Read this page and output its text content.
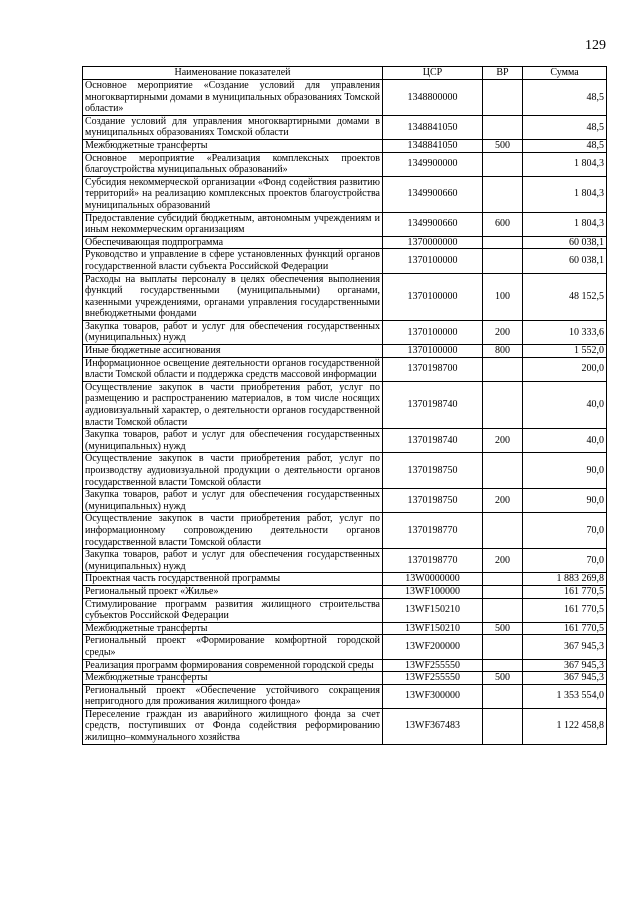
129
Наименование показателей	ЦСР	ВР	Сумма
Основное мероприятие «Создание условий для управления многоквартирными домами в муниципальных образованиях Томской области»	1348800000		48,5
Создание условий для управления многоквартирными домами в муниципальных образованиях Томской области	1348841050		48,5
Межбюджетные трансферты	1348841050	500	48,5
Основное мероприятие «Реализация комплексных проектов благоустройства муниципальных образований»	1349900000		1 804,3
Субсидия некоммерческой организации «Фонд содействия развитию территорий» на реализацию комплексных проектов благоустройства муниципальных образований	1349900660		1 804,3
Предоставление субсидий бюджетным, автономным учреждениям и иным некоммерческим организациям	1349900660	600	1 804,3
Обеспечивающая подпрограмма	1370000000		60 038,1
Руководство и управление в сфере установленных функций органов государственной власти субъекта Российской Федерации	1370100000		60 038,1
Расходы на выплаты персоналу в целях обеспечения выполнения функций государственными (муниципальными) органами, казенными учреждениями, органами управления государственными внебюджетными фондами	1370100000	100	48 152,5
Закупка товаров, работ и услуг для обеспечения государственных (муниципальных) нужд	1370100000	200	10 333,6
Иные бюджетные ассигнования	1370100000	800	1 552,0
Информационное освещение деятельности органов государственной власти Томской области и поддержка средств массовой информации	1370198700		200,0
Осуществление закупок в части приобретения работ, услуг по размещению и распространению материалов, в том числе носящих аудиовизуальный характер, о деятельности органов государственной власти Томской области	1370198740		40,0
Закупка товаров, работ и услуг для обеспечения государственных (муниципальных) нужд	1370198740	200	40,0
Осуществление закупок в части приобретения работ, услуг по производству аудиовизуальной продукции о деятельности органов государственной власти Томской области	1370198750		90,0
Закупка товаров, работ и услуг для обеспечения государственных (муниципальных) нужд	1370198750	200	90,0
Осуществление закупок в части приобретения работ, услуг по информационному сопровождению деятельности органов государственной власти Томской области	1370198770		70,0
Закупка товаров, работ и услуг для обеспечения государственных (муниципальных) нужд	1370198770	200	70,0
Проектная часть государственной программы	13W0000000		1 883 269,8
Региональный проект «Жилье»	13WF100000		161 770,5
Стимулирование программ развития жилищного строительства субъектов Российской Федерации	13WF150210		161 770,5
Межбюджетные трансферты	13WF150210	500	161 770,5
Региональный проект «Формирование комфортной городской среды»	13WF200000		367 945,3
Реализация программ формирования современной городской среды	13WF255550		367 945,3
Межбюджетные трансферты	13WF255550	500	367 945,3
Региональный проект «Обеспечение устойчивого сокращения непригодного для проживания жилищного фонда»	13WF300000		1 353 554,0
Переселение граждан из аварийного жилищного фонда за счет средств, поступивших от Фонда содействия реформированию жилищно–коммунального хозяйства	13WF367483		1 122 458,8
